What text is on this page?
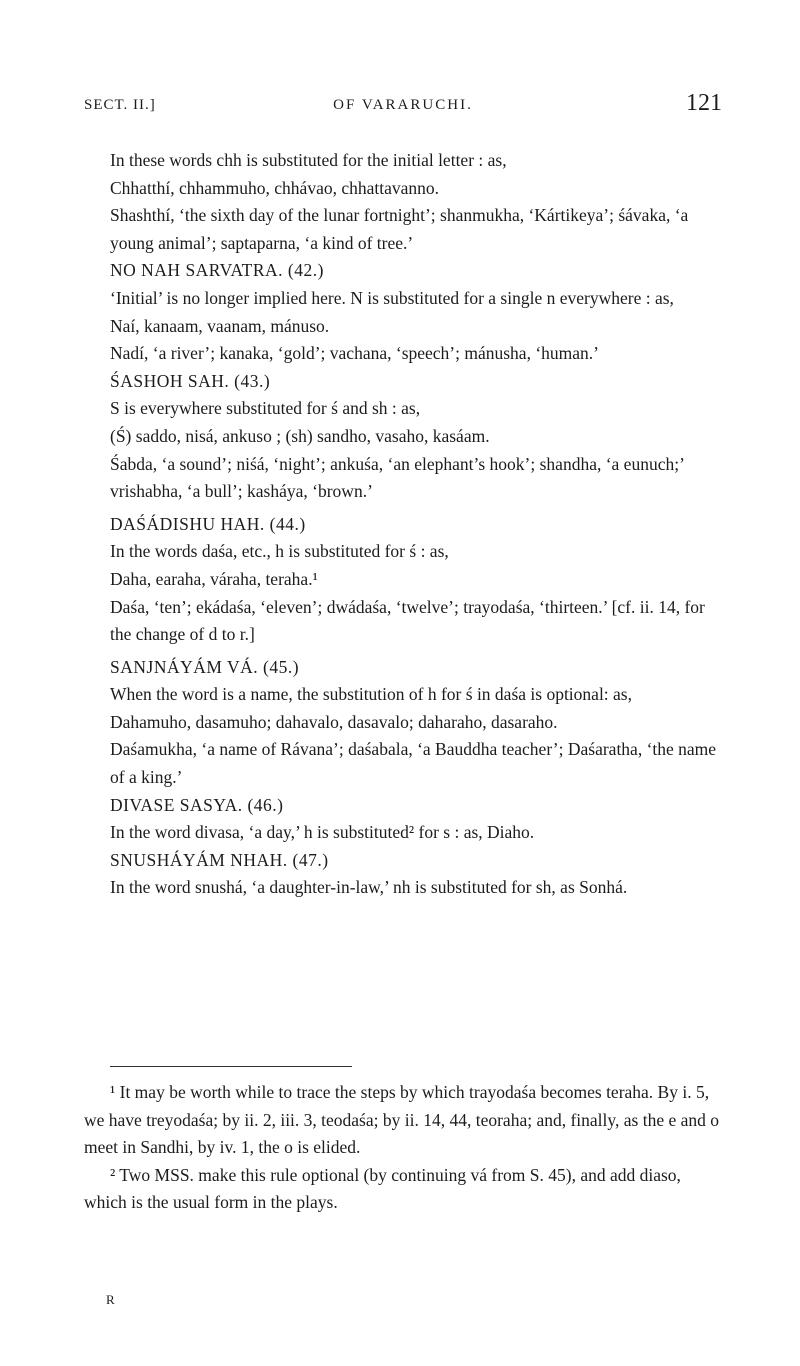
SECT. II.]	OF VARARUCHI.	121

In these words chh is substituted for the initial letter : as,

Chhatthí, chhammuho, chhávao, chhattavanno.

Shashthí, ‘the sixth day of the lunar fortnight’; shanmukha, ‘Kártikeya’; śávaka, ‘a young animal’; saptaparna, ‘a kind of tree.’

NO NAH SARVATRA. (42.)

‘Initial’ is no longer implied here. N is substituted for a single n everywhere : as,

Naí, kanaam, vaanam, mánuso.

Nadí, ‘a river’; kanaka, ‘gold’; vachana, ‘speech’; mánusha, ‘human.’

ŚASHOH SAH. (43.)

S is everywhere substituted for ś and sh : as,

(Ś) saddo, nisá, ankuso ; (sh) sandho, vasaho, kasáam.

Śabda, ‘a sound’; niśá, ‘night’; ankuśa, ‘an elephant’s hook’; shandha, ‘a eunuch;’ vrishabha, ‘a bull’; kasháya, ‘brown.’

DAŚÁDISHU HAH. (44.)

In the words daśa, etc., h is substituted for ś : as,

Daha, earaha, váraha, teraha.¹

Daśa, ‘ten’; ekádaśa, ‘eleven’; dwádaśa, ‘twelve’; trayodaśa, ‘thirteen.’ [cf. ii. 14, for the change of d to r.]

SANJNÁYÁM VÁ. (45.)

When the word is a name, the substitution of h for ś in daśa is optional: as,

Dahamuho, dasamuho; dahavalo, dasavalo; daharaho, dasaraho.

Daśamukha, ‘a name of Rávana’; daśabala, ‘a Bauddha teacher’; Daśaratha, ‘the name of a king.’

DIVASE SASYA. (46.)

In the word divasa, ‘a day,’ h is substituted² for s : as, Diaho.

SNUSHÁYÁM NHAH. (47.)

In the word snushá, ‘a daughter-in-law,’ nh is substituted for sh, as Sonhá.

¹ It may be worth while to trace the steps by which trayodaśa becomes teraha. By i. 5, we have treyodaśa; by ii. 2, iii. 3, teodaśa; by ii. 14, 44, teoraha; and, finally, as the e and o meet in Sandhi, by iv. 1, the o is elided.

² Two MSS. make this rule optional (by continuing vá from S. 45), and add diaso, which is the usual form in the plays.

R
